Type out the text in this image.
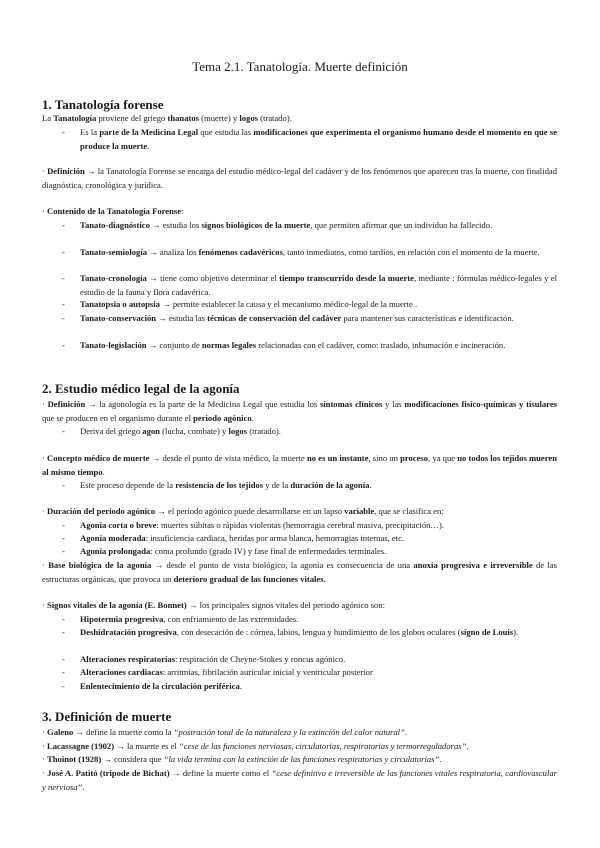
Tema 2.1. Tanatología. Muerte definición
1. Tanatología forense
La Tanatología proviene del griego thanatos (muerte) y logos (tratado).
- Es la parte de la Medicina Legal que estudia las modificaciones que experimenta el organismo humano desde el momento en que se produce la muerte.
· Definición → la Tanatología Forense se encarga del estudio médico-legal del cadáver y de los fenómenos que aparecen tras la muerte, con finalidad diagnóstica, cronológica y jurídica.
· Contenido de la Tanatología Forense:
- Tanato-diagnóstico → estudia los signos biológicos de la muerte, que permiten afirmar que un individuo ha fallecido.
- Tanato-semiología → analiza los fenómenos cadavéricos, tanto inmediatos, como tardíos, en relación con el momento de la muerte.
- Tanato-cronología → tiene como objetivo determinar el tiempo transcurrido desde la muerte, mediante : fórmulas médico-legales y el estudio de la fauna y flora cadavérica.
- Tanatopsia o autopsia → permite establecer la causa y el mecanismo médico-legal de la muerte .
- Tanato-conservación → estudia las técnicas de conservación del cadáver para mantener sus características e identificación.
- Tanato-legislación → conjunto de normas legales relacionadas con el cadáver, como: traslado, inhumación e incineración.
2. Estudio médico legal de la agonía
· Definición → la agonología es la parte de la Medicina Legal que estudia los síntomas clínicos y las modificaciones físico-químicas y tisulares que se producen en el organismo durante el periodo agónico.
- Deriva del griego agon (lucha, combate) y logos (tratado).
· Concepto médico de muerte → desde el punto de vista médico, la muerte no es un instante, sino un proceso, ya que no todos los tejidos mueren al mismo tiempo.
- Este proceso depende de la resistencia de los tejidos y de la duración de la agonía.
· Duración del periodo agónico → el periodo agónico puede desarrollarse en un lapso variable, que se clasifica en:
- Agonía corta o breve: muertes súbitas o rápidas violentas (hemorragia cerebral masiva, precipitación…).
- Agonía moderada: insuficiencia cardiaca, heridas por arma blanca, hemorragias internas, etc.
- Agonía prolongada: coma profundo (grado IV) y fase final de enfermedades terminales.
· Base biológica de la agonía → desde el punto de vista biológico, la agonía es consecuencia de una anoxia progresiva e irreversible de las estructuras orgánicas, que provoca un deterioro gradual de las funciones vitales.
· Signos vitales de la agonía (E. Bonnet) → los principales signos vitales del periodo agónico son:
- Hipotermia progresiva, con enfriamiento de las extremidades.
- Deshidratación progresiva, con desecación de : córnea, labios, lengua y hundimiento de los globos oculares (signo de Louis).
- Alteraciones respiratorias: respiración de Cheyne-Stokes y roncus agónico.
- Alteraciones cardiacas: arritmias, fibrilación auricular inicial y ventricular posterior
- Enlentecimiento de la circulación periférica.
3. Definición de muerte
· Galeno → define la muerte como la “postración total de la naturaleza y la extinción del calor natural”.
· Lacassagne (1902) → la muerte es el “cese de las funciones nerviosas, circulatorias, respiratorias y termorreguladoras”.
· Thoinot (1928) → considera que “la vida termina con la extinción de las funciones respiratorias y circulatorias”.
· José A. Patitó (tripode de Bichat) → define la muerte como el “cese definitivo e irreversible de las funciones vitales respiratoria, cardiovascular y nerviosa”.
